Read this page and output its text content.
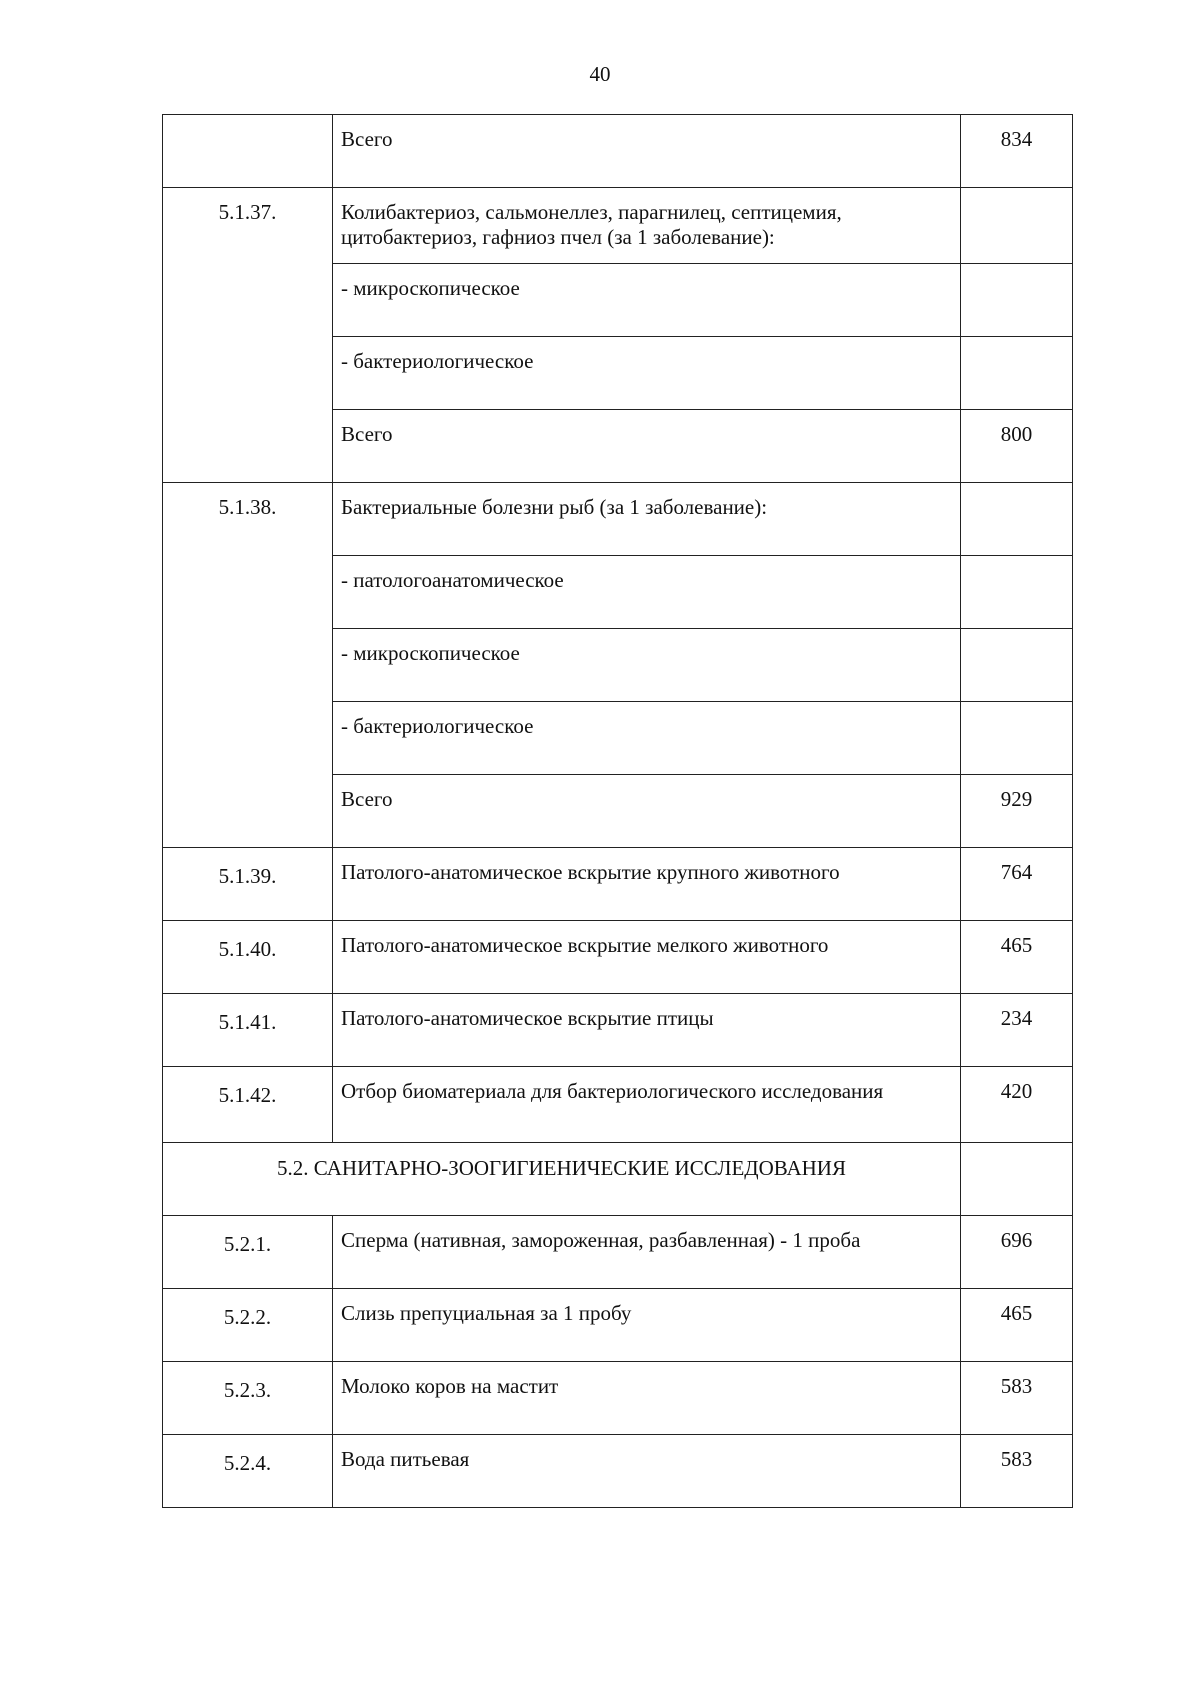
40
	Всего	834
5.1.37.	Колибактериоз, сальмонеллез, парагнилец, септицемия, цитобактериоз, гафниоз пчел (за 1 заболевание):	
	- микроскопическое	
	- бактериологическое	
	Всего	800
5.1.38.	Бактериальные болезни рыб (за 1 заболевание):	
	- патологоанатомическое	
	- микроскопическое	
	- бактериологическое	
	Всего	929
5.1.39.	Патолого-анатомическое вскрытие крупного животного	764
5.1.40.	Патолого-анатомическое вскрытие мелкого животного	465
5.1.41.	Патолого-анатомическое вскрытие птицы	234
5.1.42.	Отбор биоматериала для бактериологического исследования	420
5.2. САНИТАРНО-ЗООГИГИЕНИЧЕСКИЕ ИССЛЕДОВАНИЯ		
5.2.1.	Сперма (нативная, замороженная, разбавленная) - 1 проба	696
5.2.2.	Слизь препуциальная за 1 пробу	465
5.2.3.	Молоко коров на мастит	583
5.2.4.	Вода питьевая	583
